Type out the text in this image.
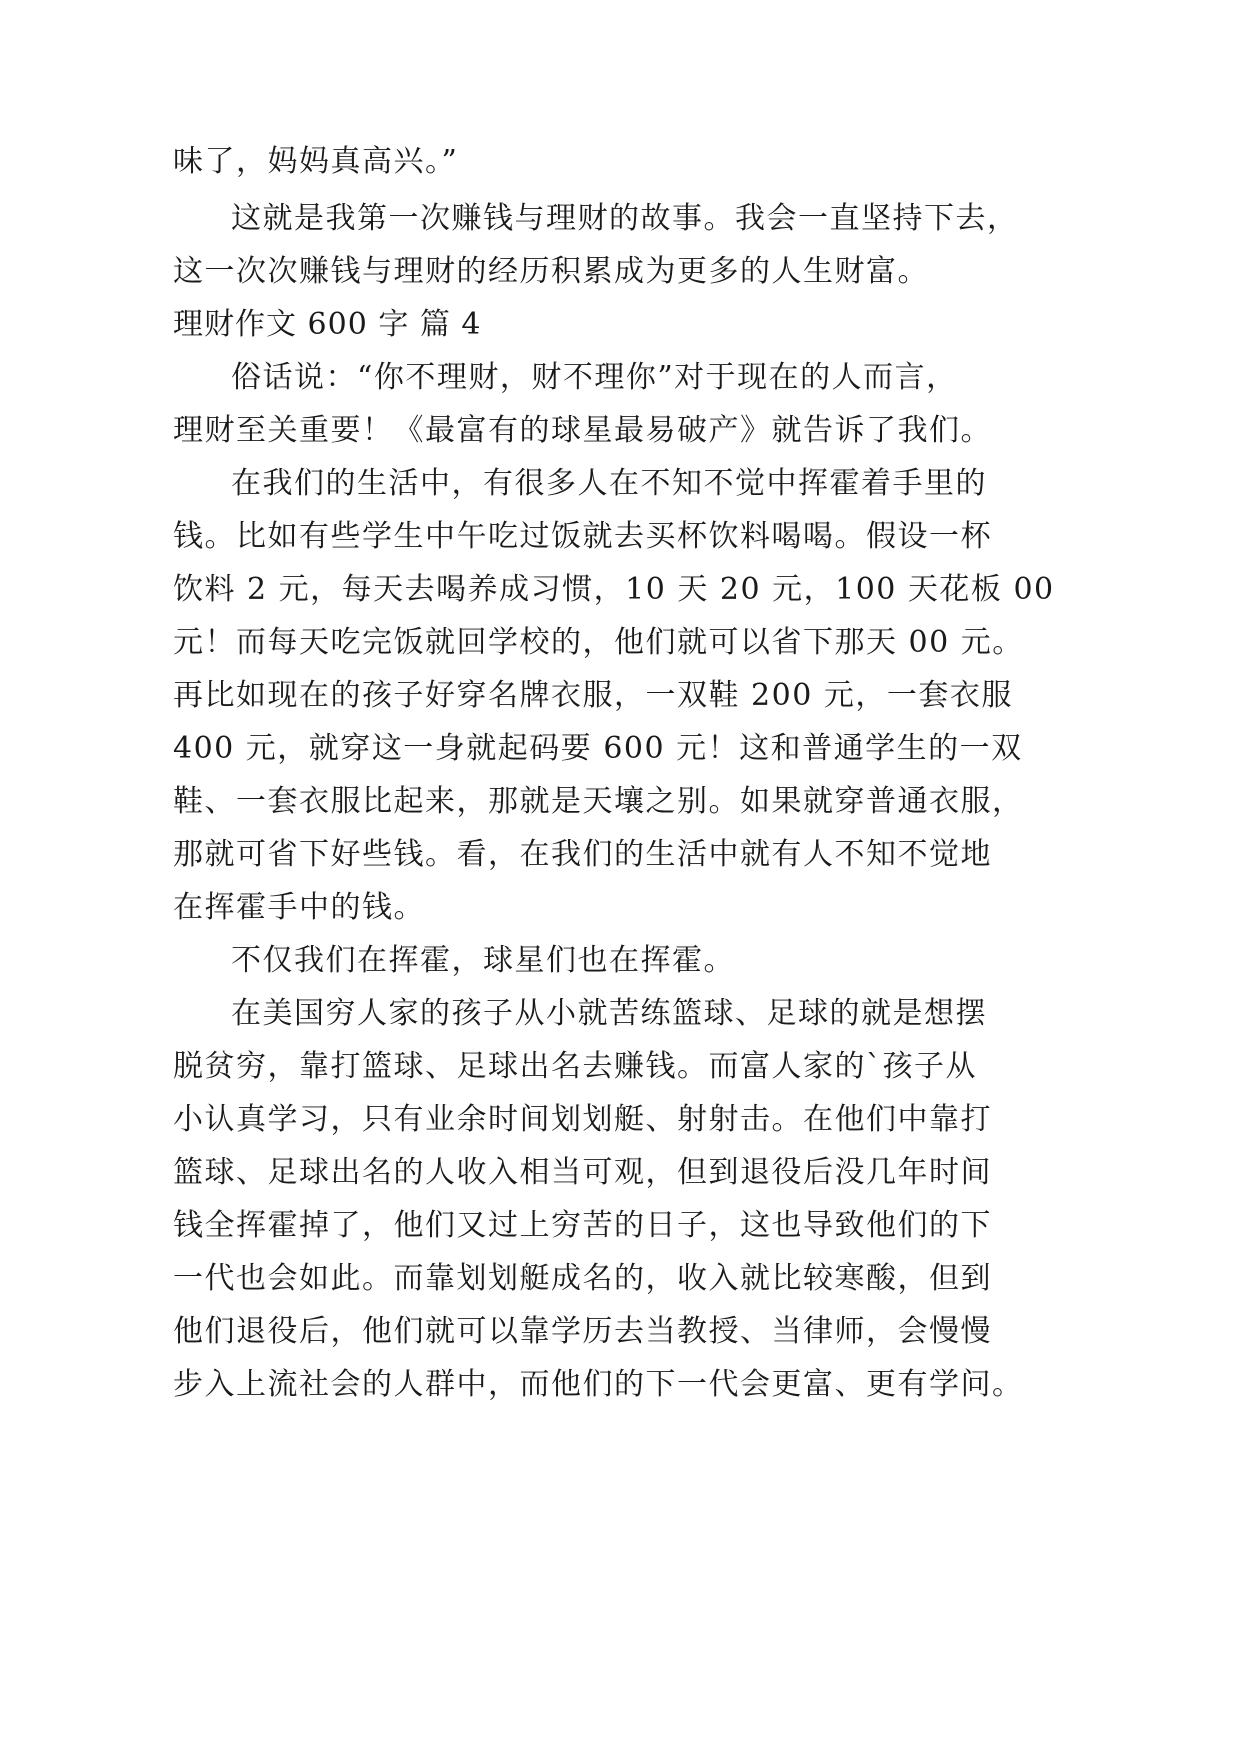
味了，妈妈真高兴。”
这就是我第一次赚钱与理财的故事。我会一直坚持下去，
这一次次赚钱与理财的经历积累成为更多的人生财富。
理财作文 600 字 篇 4
俗话说：“你不理财，财不理你”对于现在的人而言，
理财至关重要！《最富有的球星最易破产》就告诉了我们。
在我们的生活中，有很多人在不知不觉中挥霍着手里的
钱。比如有些学生中午吃过饭就去买杯饮料喝喝。假设一杯
饮料 2 元，每天去喝养成习惯，10 天 20 元，100 天花板 00
元！而每天吃完饭就回学校的，他们就可以省下那天 00 元。
再比如现在的孩子好穿名牌衣服，一双鞋 200 元，一套衣服
400 元，就穿这一身就起码要 600 元！这和普通学生的一双
鞋、一套衣服比起来，那就是天壤之别。如果就穿普通衣服，
那就可省下好些钱。看，在我们的生活中就有人不知不觉地
在挥霍手中的钱。
不仅我们在挥霍，球星们也在挥霍。
在美国穷人家的孩子从小就苦练篮球、足球的就是想摆
脱贫穷，靠打篮球、足球出名去赚钱。而富人家的`孩子从
小认真学习，只有业余时间划划艇、射射击。在他们中靠打
篮球、足球出名的人收入相当可观，但到退役后没几年时间
钱全挥霍掉了，他们又过上穷苦的日子，这也导致他们的下
一代也会如此。而靠划划艇成名的，收入就比较寒酸，但到
他们退役后，他们就可以靠学历去当教授、当律师，会慢慢
步入上流社会的人群中，而他们的下一代会更富、更有学问。
